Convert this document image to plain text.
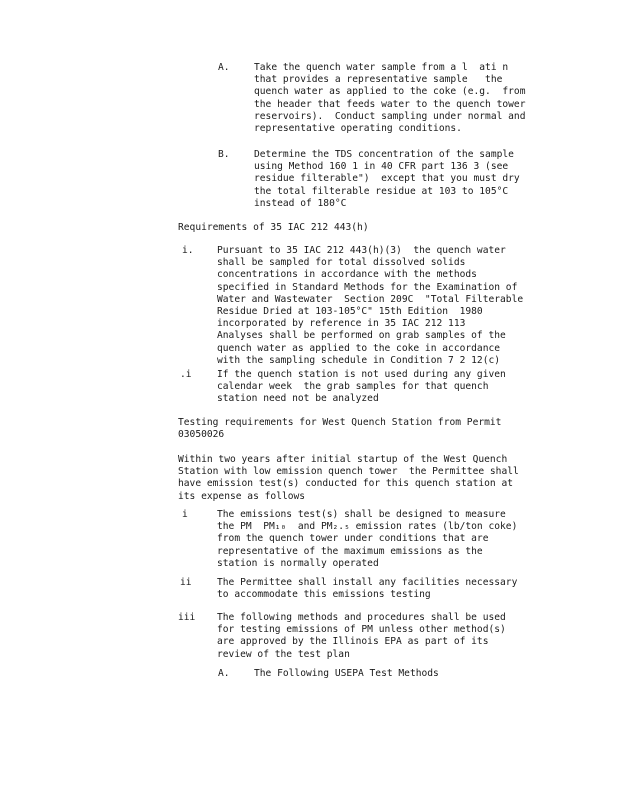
A.	Take the quench water sample from a l  ati n
that provides a representative sample   the
quench water as applied to the coke (e.g.  from
the header that feeds water to the quench tower
reservoirs).  Conduct sampling under normal and
representative operating conditions.
B.	Determine the TDS concentration of the sample
using Method 160 1 in 40 CFR part 136 3 (see
residue filterable")  except that you must dry
the total filterable residue at 103 to 105°C
instead of 180°C
Requirements of 35 IAC 212 443(h)
i. Pursuant to 35 IAC 212 443(h)(3)  the quench water
shall be sampled for total dissolved solids
concentrations in accordance with the methods
specified in Standard Methods for the Examination of
Water and Wastewater  Section 209C  "Total Filterable
Residue Dried at 103-105°C" 15th Edition  1980
incorporated by reference in 35 IAC 212 113
Analyses shall be performed on grab samples of the
quench water as applied to the coke in accordance
with the sampling schedule in Condition 7 2 12(c)
.i	If the quench station is not used during any given
calendar week  the grab samples for that quench
station need not be analyzed
Testing requirements for West Quench Station from Permit
03050026
Within two years after initial startup of the West Quench
Station with low emission quench tower  the Permittee shall
have emission test(s) conducted for this quench station at
its expense as follows
i	The emissions test(s) shall be designed to measure
the PM  PM₁₀  and PM₂.₅ emission rates (lb/ton coke)
from the quench tower under conditions that are
representative of the maximum emissions as the
station is normally operated
ii	The Permittee shall install any facilities necessary
to accommodate this emissions testing
iii The following methods and procedures shall be used
for testing emissions of PM unless other method(s)
are approved by the Illinois EPA as part of its
review of the test plan
A.	The Following USEPA Test Methods
